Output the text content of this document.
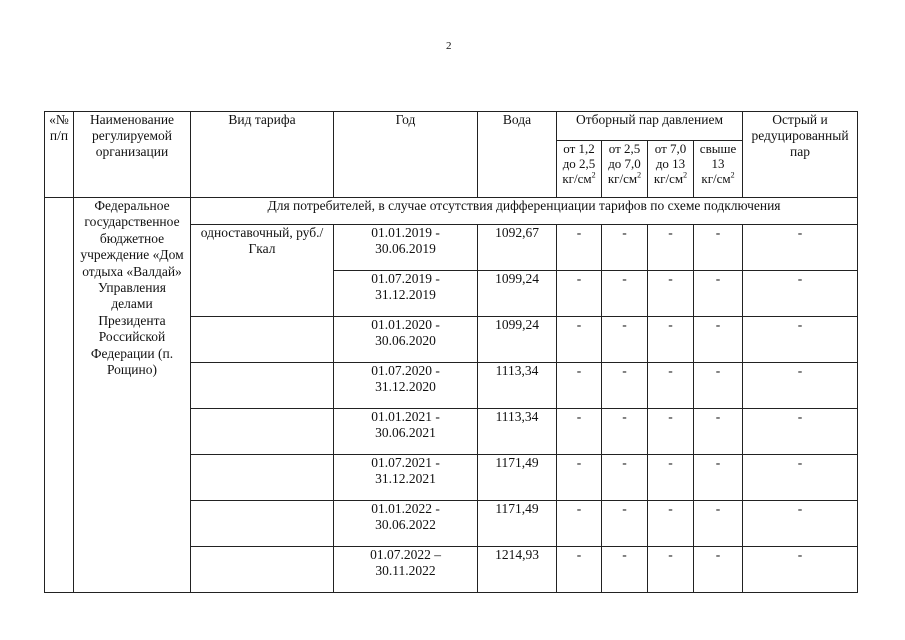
2
«№ п/п	Наименование регулируемой организации	Вид тарифа	Год	Вода	Отборный пар давлением				Острый и редуцированный пар
					от 1,2
до 2,5
$кг/см^2$	от 2,5
до 7,0
$кг/см^2$	от 7,0
до 13
$кг/см^2$	свыше
13
$кг/см^2$
	Федеральное государственное бюджетное учреждение «Дом отдыха «Валдай» Управления делами Президента Российской Федерации (п. Рощино)	Для потребителей, в случае отсутствия дифференциации тарифов по схеме подключения							
		одноставочный, руб./Гкал	01.01.2019 -
30.06.2019	1092,67	-	-	-	-	-
			01.07.2019 -
31.12.2019	1099,24	-	-	-	-	-
			01.01.2020 -
30.06.2020	1099,24	-	-	-	-	-
			01.07.2020 -
31.12.2020	1113,34	-	-	-	-	-
			01.01.2021 -
30.06.2021	1113,34	-	-	-	-	-
			01.07.2021 -
31.12.2021	1171,49	-	-	-	-	-
			01.01.2022 -
30.06.2022	1171,49	-	-	-	-	-
			01.07.2022 –
30.11.2022	1214,93	-	-	-	-	-
